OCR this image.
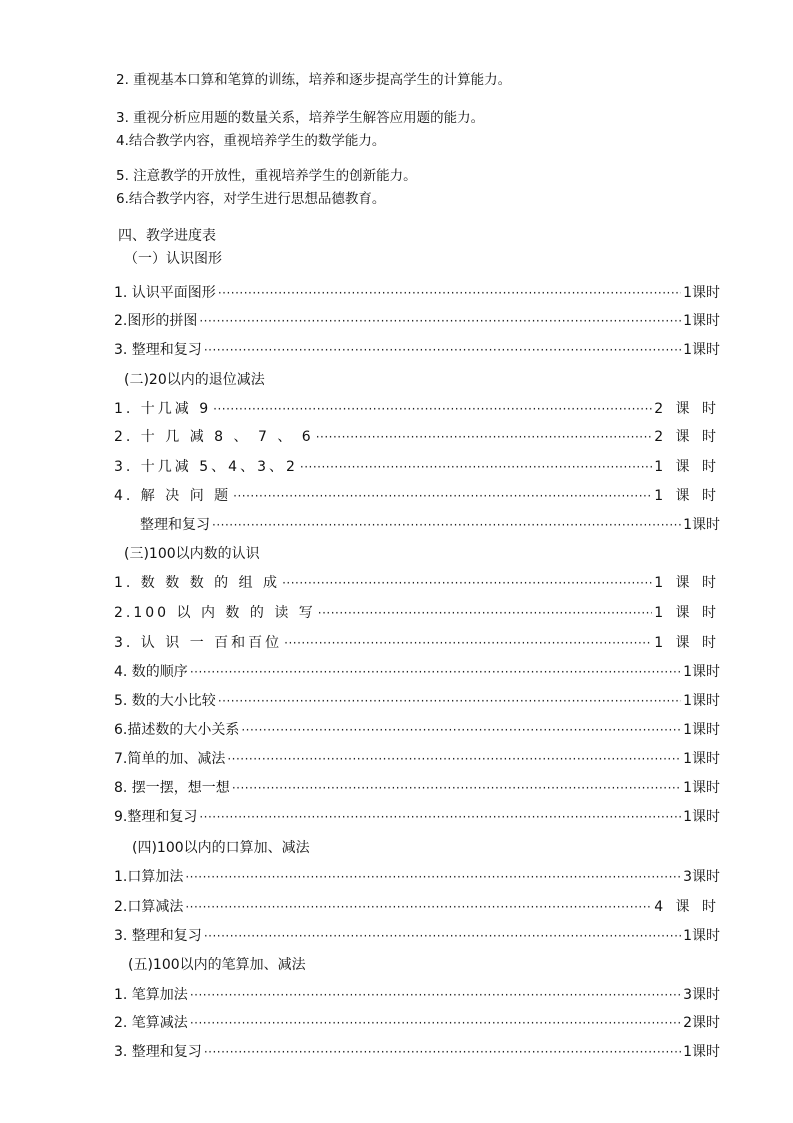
2. 重视基本口算和笔算的训练，培养和逐步提高学生的计算能力。
3. 重视分析应用题的数量关系，培养学生解答应用题的能力。
4.结合教学内容，重视培养学生的数学能力。
5. 注意教学的开放性，重视培养学生的创新能力。
6.结合教学内容，对学生进行思想品德教育。
四、教学进度表
（一）认识图形
1. 认识平面图形 ·····	1课时
2.图形的拼图 ·····	1课时
3. 整理和复习 ·····	1课时
(二)20以内的退位减法
1. 十几减 9 ·····	2 课 时
2. 十 几 减 8 、 7 、 6 ·····	2 课 时
3. 十几减 5、4、3、2 ·····	1 课 时
4. 解 决 问 题 ·····	1 课 时
整理和复习 ·····	1课时
(三)100以内数的认识
1. 数 数 数 的 组 成 ·····	1 课 时
2.100 以 内 数 的 读 写 ·····	1 课 时
3. 认 识 一 百和百位 ·····	1 课 时
4. 数的顺序 ·····	1课时
5. 数的大小比较 ·····	1课时
6.描述数的大小关系 ·····	1课时
7.简单的加、减法 ·····	1课时
8. 摆一摆，想一想 ·····	1课时
9.整理和复习 ·····	1课时
(四)100以内的口算加、减法
1.口算加法 ·····	3课时
2.口算减法 ·····	4 课 时
3. 整理和复习 ·····	1课时
(五)100以内的笔算加、减法
1. 笔算加法 ·····	3课时
2. 笔算减法 ·····	2课时
3. 整理和复习 ·····	1课时
